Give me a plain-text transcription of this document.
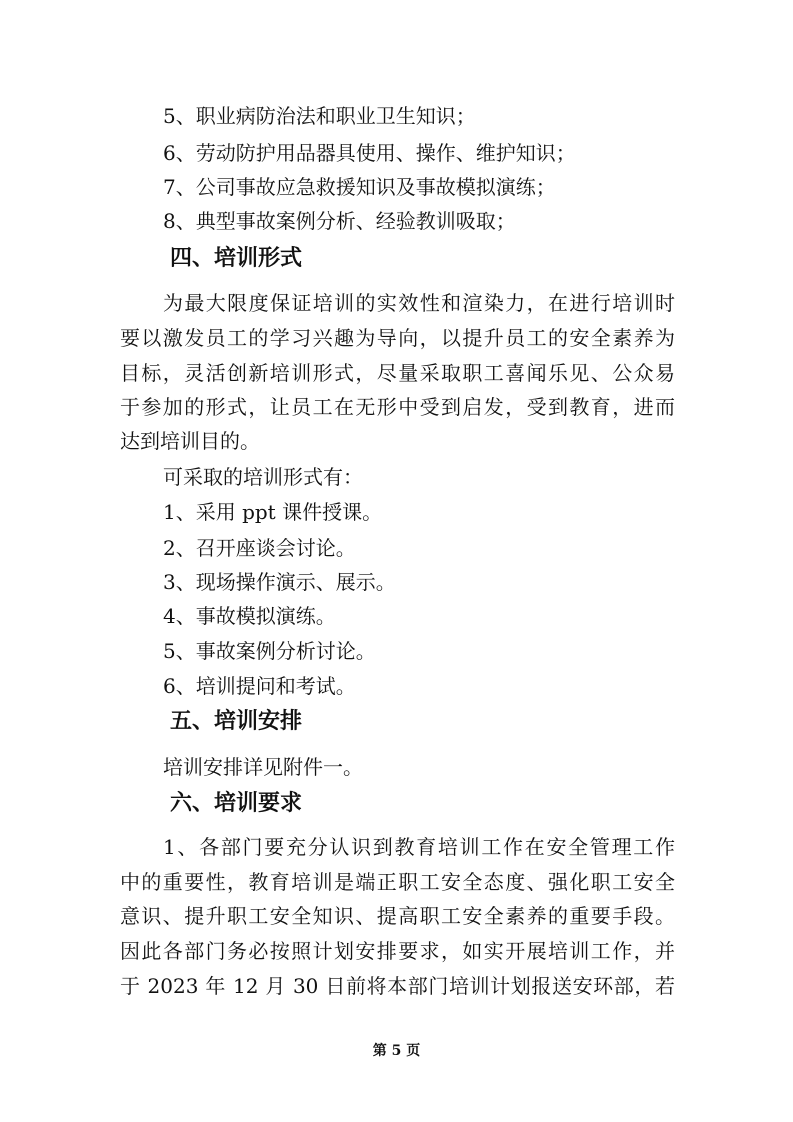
5、职业病防治法和职业卫生知识；
6、劳动防护用品器具使用、操作、维护知识；
7、公司事故应急救援知识及事故模拟演练；
8、典型事故案例分析、经验教训吸取；
四、培训形式
为最大限度保证培训的实效性和渲染力，在进行培训时
要以激发员工的学习兴趣为导向，以提升员工的安全素养为
目标，灵活创新培训形式，尽量采取职工喜闻乐见、公众易
于参加的形式，让员工在无形中受到启发，受到教育，进而
达到培训目的。
可采取的培训形式有：
1、采用 ppt 课件授课。
2、召开座谈会讨论。
3、现场操作演示、展示。
4、事故模拟演练。
5、事故案例分析讨论。
6、培训提问和考试。
五、培训安排
培训安排详见附件一。
六、培训要求
1、各部门要充分认识到教育培训工作在安全管理工作
中的重要性，教育培训是端正职工安全态度、强化职工安全
意识、提升职工安全知识、提高职工安全素养的重要手段。
因此各部门务必按照计划安排要求，如实开展培训工作，并
于 2023 年 12 月 30 日前将本部门培训计划报送安环部，若
第 5 页
